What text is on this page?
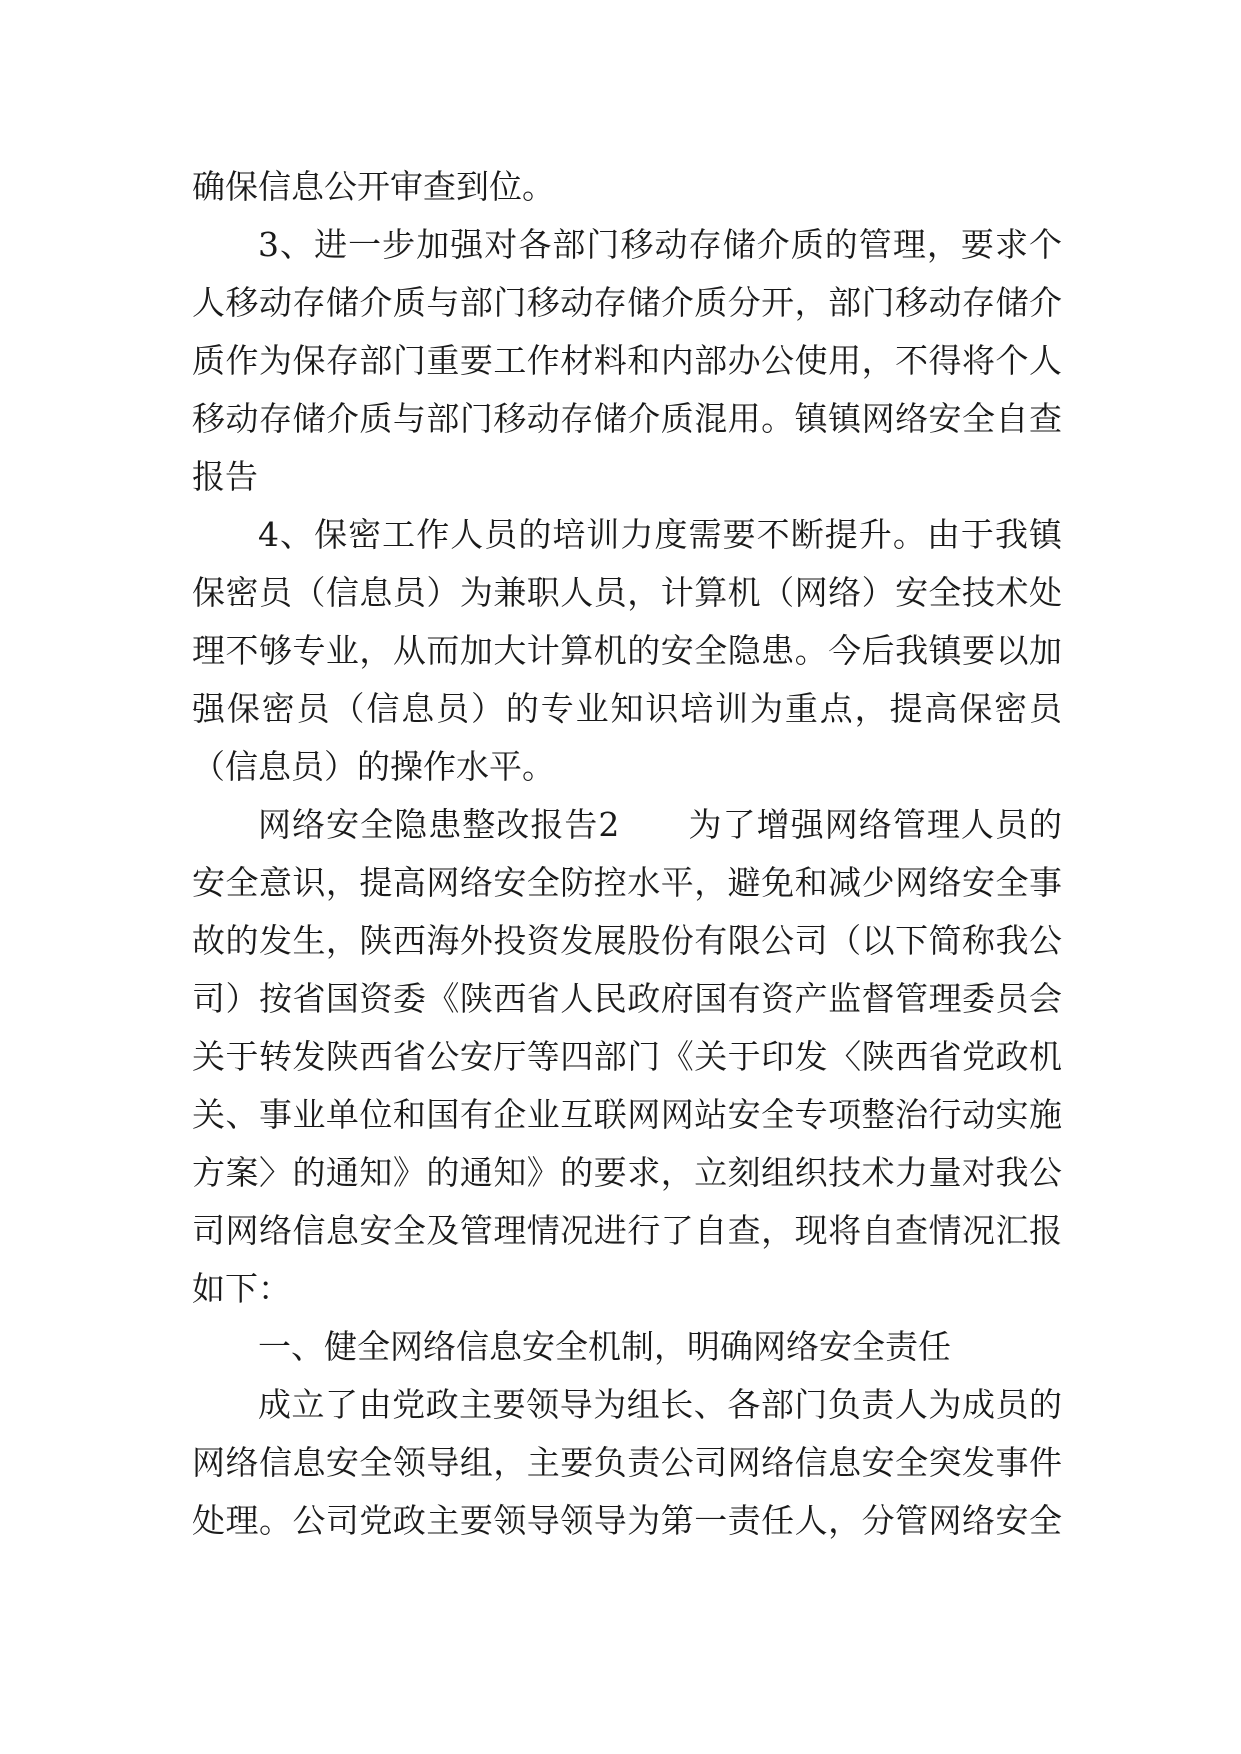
确保信息公开审查到位。
3、进一步加强对各部门移动存储介质的管理，要求个
人移动存储介质与部门移动存储介质分开，部门移动存储介
质作为保存部门重要工作材料和内部办公使用，不得将个人
移动存储介质与部门移动存储介质混用。镇镇网络安全自查
报告
4、保密工作人员的培训力度需要不断提升。由于我镇
保密员（信息员）为兼职人员，计算机（网络）安全技术处
理不够专业，从而加大计算机的安全隐患。今后我镇要以加
强保密员（信息员）的专业知识培训为重点，提高保密员
（信息员）的操作水平。
网络安全隐患整改报告2　　为了增强网络管理人员的
安全意识，提高网络安全防控水平，避免和减少网络安全事
故的发生，陕西海外投资发展股份有限公司（以下简称我公
司）按省国资委《陕西省人民政府国有资产监督管理委员会
关于转发陕西省公安厅等四部门《关于印发〈陕西省党政机
关、事业单位和国有企业互联网网站安全专项整治行动实施
方案〉的通知》的通知》的要求，立刻组织技术力量对我公
司网络信息安全及管理情况进行了自查，现将自查情况汇报
如下：
一、健全网络信息安全机制，明确网络安全责任
成立了由党政主要领导为组长、各部门负责人为成员的
网络信息安全领导组，主要负责公司网络信息安全突发事件
处理。公司党政主要领导领导为第一责任人，分管网络安全
